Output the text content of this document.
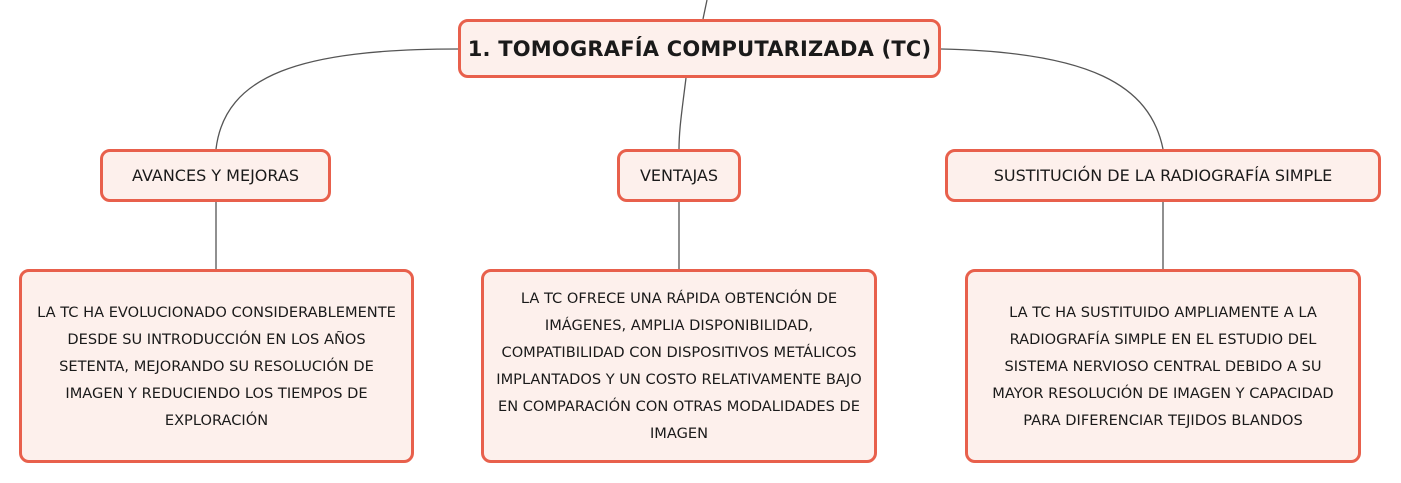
1. TOMOGRAFÍA COMPUTARIZADA (TC)
AVANCES Y MEJORAS	VENTAJAS	SUSTITUCIÓN DE LA RADIOGRAFÍA SIMPLE
LA TC HA EVOLUCIONADO CONSIDERABLEMENTE DESDE SU INTRODUCCIÓN EN LOS AÑOS SETENTA, MEJORANDO SU RESOLUCIÓN DE IMAGEN Y REDUCIENDO LOS TIEMPOS DE EXPLORACIÓN
LA TC OFRECE UNA RÁPIDA OBTENCIÓN DE IMÁGENES, AMPLIA DISPONIBILIDAD, COMPATIBILIDAD CON DISPOSITIVOS METÁLICOS IMPLANTADOS Y UN COSTO RELATIVAMENTE BAJO EN COMPARACIÓN CON OTRAS MODALIDADES DE IMAGEN
LA TC HA SUSTITUIDO AMPLIAMENTE A LA RADIOGRAFÍA SIMPLE EN EL ESTUDIO DEL SISTEMA NERVIOSO CENTRAL DEBIDO A SU MAYOR RESOLUCIÓN DE IMAGEN Y CAPACIDAD PARA DIFERENCIAR TEJIDOS BLANDOS
